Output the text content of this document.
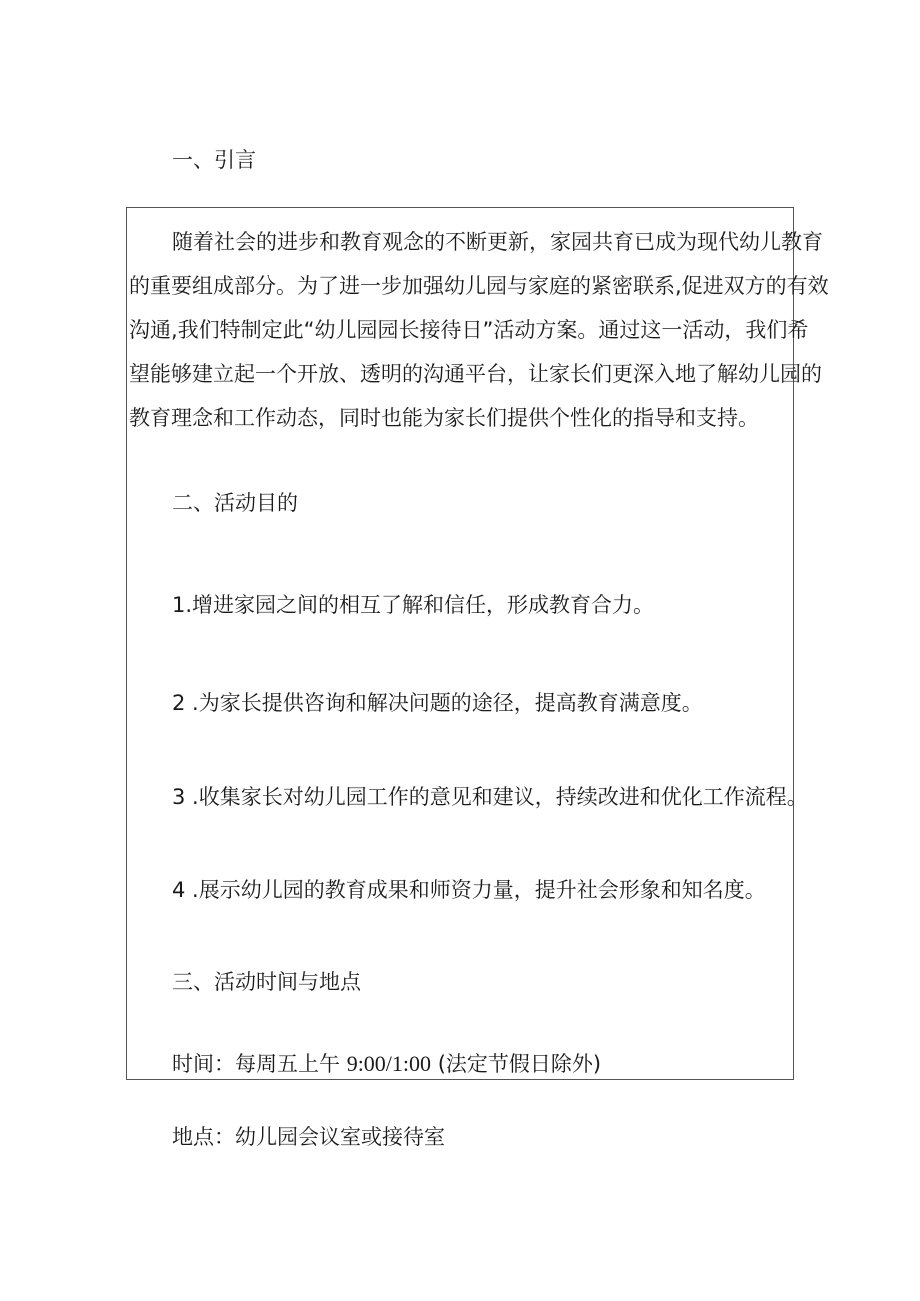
一、引言
随着社会的进步和教育观念的不断更新，家园共育已成为现代幼儿教育
的重要组成部分。为了进一步加强幼儿园与家庭的紧密联系,促进双方的有效
沟通,我们特制定此“幼儿园园长接待日”活动方案。通过这一活动，我们希
望能够建立起一个开放、透明的沟通平台，让家长们更深入地了解幼儿园的
教育理念和工作动态，同时也能为家长们提供个性化的指导和支持。
二、活动目的
1.增进家园之间的相互了解和信任，形成教育合力。
2 .为家长提供咨询和解决问题的途径，提高教育满意度。
3 .收集家长对幼儿园工作的意见和建议，持续改进和优化工作流程。
4 .展示幼儿园的教育成果和师资力量，提升社会形象和知名度。
三、活动时间与地点
时间：每周五上午 9:00/1:00 (法定节假日除外)
地点：幼儿园会议室或接待室
